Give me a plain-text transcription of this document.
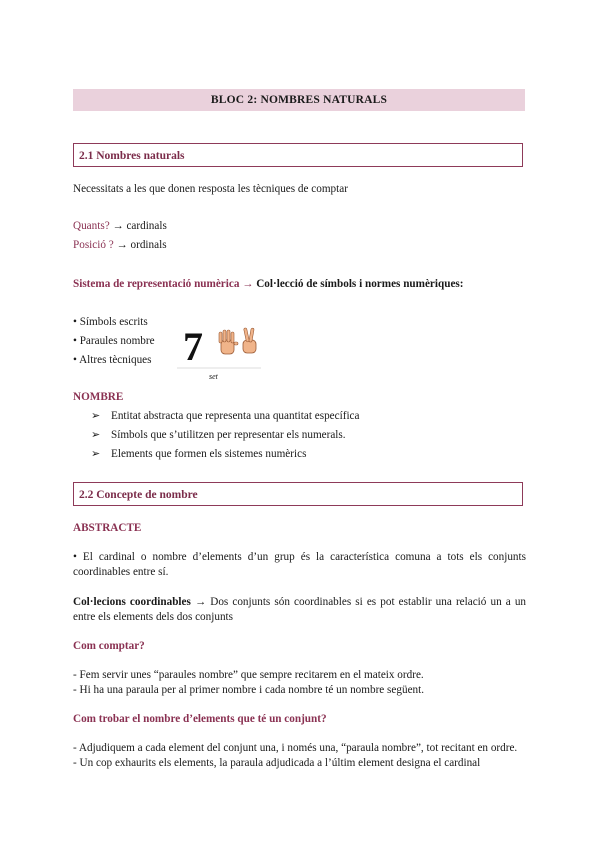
BLOC 2: NOMBRES NATURALS
2.1 Nombres naturals
Necessitats a les que donen resposta les tècniques de comptar
Quants? → cardinals
Posició ? → ordinals
Sistema de representació numèrica → Col·lecció de símbols i normes numèriques:
• Símbols escrits
• Paraules nombre
• Altres tècniques 7
set
NOMBRE
➢ Entitat abstracta que representa una quantitat específica
➢ Símbols que s’utilitzen per representar els numerals.
➢ Elements que formen els sistemes numèrics
2.2 Concepte de nombre
ABSTRACTE
• El cardinal o nombre d’elements d’un grup és la característica comuna a tots els conjunts coordinables entre sí.
Col·lecions coordinables → Dos conjunts són coordinables si es pot establir una relació un a un entre els elements dels dos conjunts
Com comptar?
- Fem servir unes “paraules nombre” que sempre recitarem en el mateix ordre.
- Hi ha una paraula per al primer nombre i cada nombre té un nombre següent.
Com trobar el nombre d’elements que té un conjunt?
- Adjudiquem a cada element del conjunt una, i només una, “paraula nombre”, tot recitant en ordre.
- Un cop exhaurits els elements, la paraula adjudicada a l’últim element designa el cardinal
